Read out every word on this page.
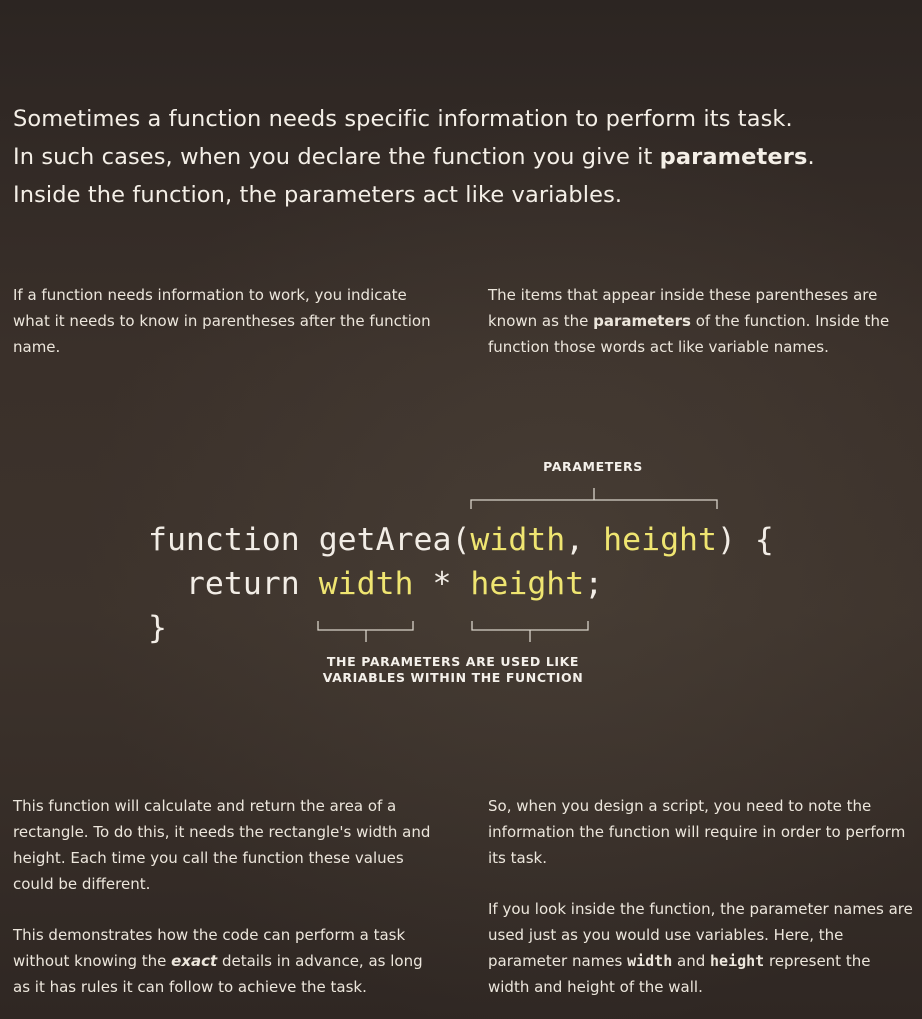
Sometimes a function needs specific information to perform its task.
In such cases, when you declare the function you give it parameters.
Inside the function, the parameters act like variables.

If a function needs information to work, you indicate what it needs to know in parentheses after the function name.

The items that appear inside these parentheses are known as the parameters of the function. Inside the function those words act like variable names.

PARAMETERS

function getArea(width, height) {
return width * height;
}

THE PARAMETERS ARE USED LIKE
VARIABLES WITHIN THE FUNCTION

This function will calculate and return the area of a rectangle. To do this, it needs the rectangle's width and height. Each time you call the function these values could be different.

This demonstrates how the code can perform a task without knowing the exact details in advance, as long as it has rules it can follow to achieve the task.

So, when you design a script, you need to note the information the function will require in order to perform its task.

If you look inside the function, the parameter names are used just as you would use variables. Here, the parameter names width and height represent the width and height of the wall.
